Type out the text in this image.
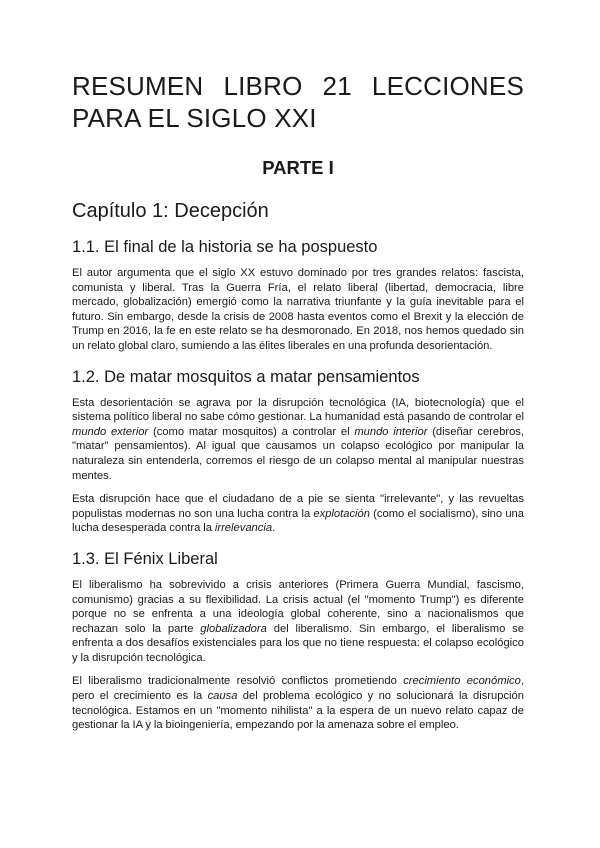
RESUMEN LIBRO 21 LECCIONES PARA EL SIGLO XXI
PARTE I
Capítulo 1: Decepción
1.1. El final de la historia se ha pospuesto

El autor argumenta que el siglo XX estuvo dominado por tres grandes relatos: fascista, comunista y liberal. Tras la Guerra Fría, el relato liberal (libertad, democracia, libre mercado, globalización) emergió como la narrativa triunfante y la guía inevitable para el futuro. Sin embargo, desde la crisis de 2008 hasta eventos como el Brexit y la elección de Trump en 2016, la fe en este relato se ha desmoronado. En 2018, nos hemos quedado sin un relato global claro, sumiendo a las élites liberales en una profunda desorientación.

1.2. De matar mosquitos a matar pensamientos

Esta desorientación se agrava por la disrupción tecnológica (IA, biotecnología) que el sistema político liberal no sabe cómo gestionar. La humanidad está pasando de controlar el mundo exterior (como matar mosquitos) a controlar el mundo interior (diseñar cerebros, "matar" pensamientos). Al igual que causamos un colapso ecológico por manipular la naturaleza sin entenderla, corremos el riesgo de un colapso mental al manipular nuestras mentes.

Esta disrupción hace que el ciudadano de a pie se sienta "irrelevante", y las revueltas populistas modernas no son una lucha contra la explotación (como el socialismo), sino una lucha desesperada contra la irrelevancia.

1.3. El Fénix Liberal

El liberalismo ha sobrevivido a crisis anteriores (Primera Guerra Mundial, fascismo, comunismo) gracias a su flexibilidad. La crisis actual (el "momento Trump") es diferente porque no se enfrenta a una ideología global coherente, sino a nacionalismos que rechazan solo la parte globalizadora del liberalismo. Sin embargo, el liberalismo se enfrenta a dos desafíos existenciales para los que no tiene respuesta: el colapso ecológico y la disrupción tecnológica.

El liberalismo tradicionalmente resolvió conflictos prometiendo crecimiento económico, pero el crecimiento es la causa del problema ecológico y no solucionará la disrupción tecnológica. Estamos en un "momento nihilista" a la espera de un nuevo relato capaz de gestionar la IA y la bioingeniería, empezando por la amenaza sobre el empleo.
